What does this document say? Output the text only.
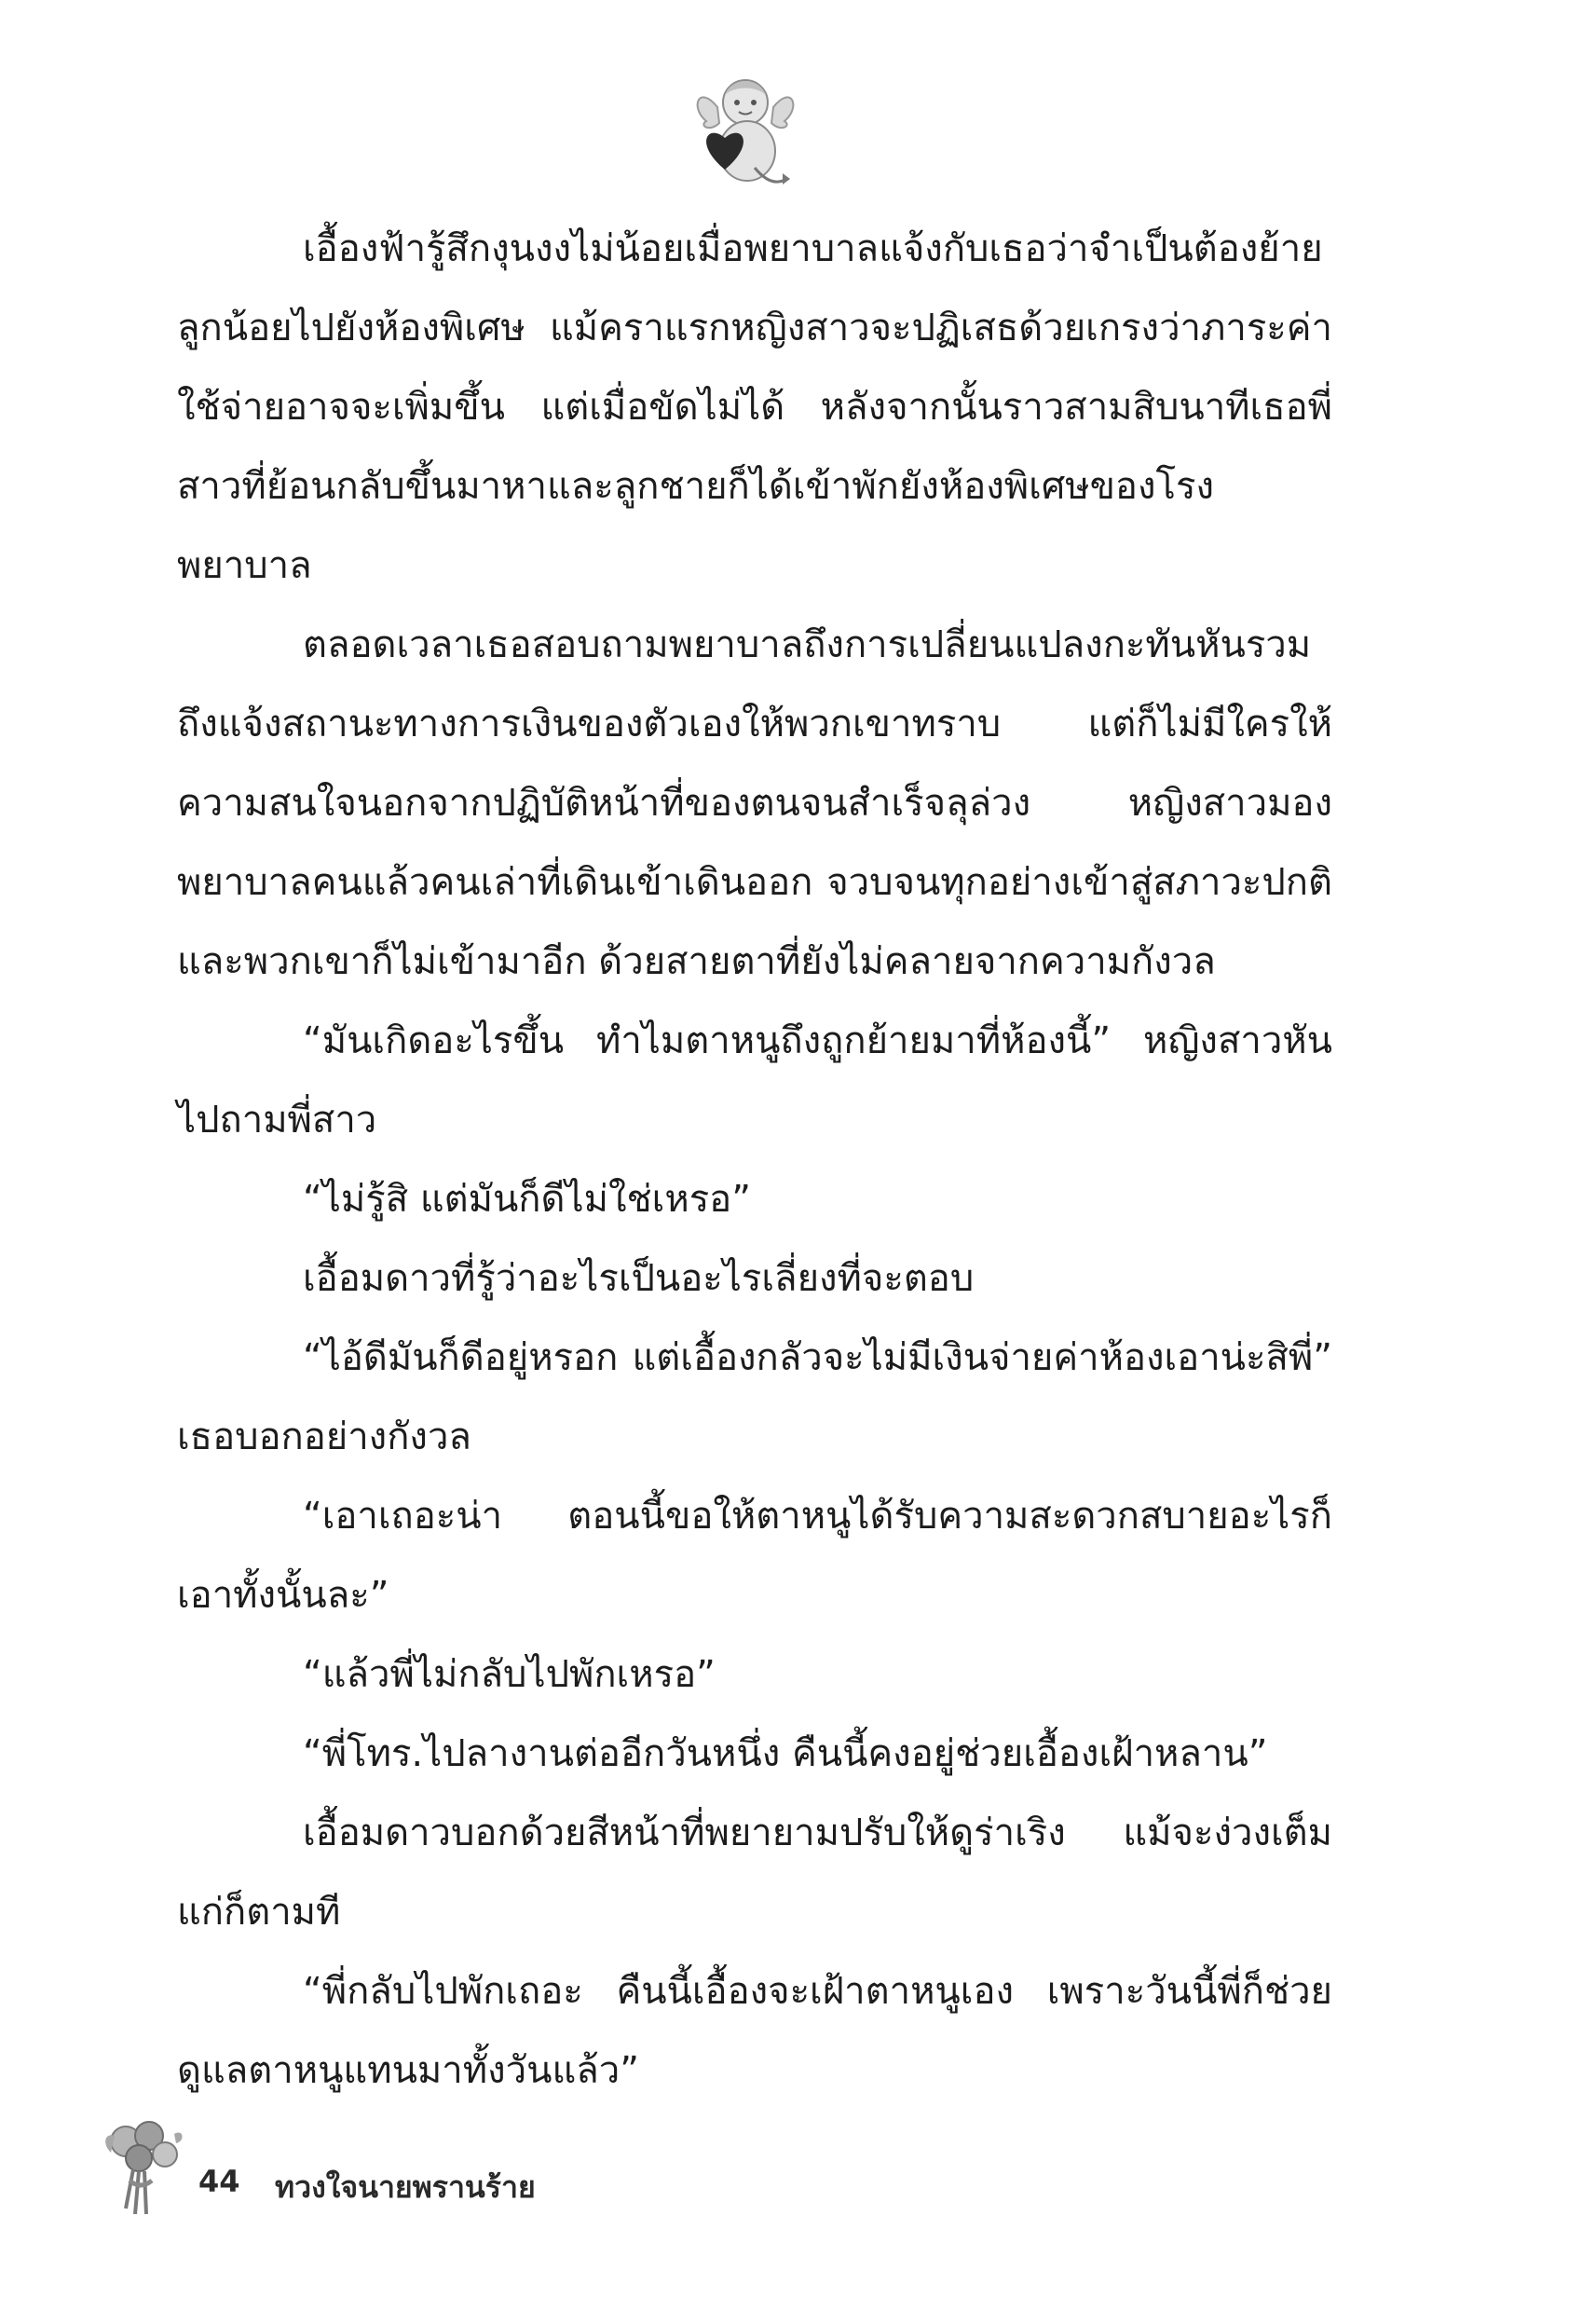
เอื้องฟ้ารู้สึกงุนงงไม่น้อยเมื่อพยาบาลแจ้งกับเธอว่าจำเป็นต้องย้ายลูกน้อยไปยังห้องพิเศษ แม้คราแรกหญิงสาวจะปฏิเสธด้วยเกรงว่าภาระค่าใช้จ่ายอาจจะเพิ่มขึ้น แต่เมื่อขัดไม่ได้ หลังจากนั้นราวสามสิบนาทีเธอพี่สาวที่ย้อนกลับขึ้นมาหาและลูกชายก็ได้เข้าพักยังห้องพิเศษของโรงพยาบาล

ตลอดเวลาเธอสอบถามพยาบาลถึงการเปลี่ยนแปลงกะทันหันรวมถึงแจ้งสถานะทางการเงินของตัวเองให้พวกเขาทราบ แต่ก็ไม่มีใครให้ความสนใจนอกจากปฏิบัติหน้าที่ของตนจนสำเร็จลุล่วง หญิงสาวมองพยาบาลคนแล้วคนเล่าที่เดินเข้าเดินออก จวบจนทุกอย่างเข้าสู่สภาวะปกติและพวกเขาก็ไม่เข้ามาอีก ด้วยสายตาที่ยังไม่คลายจากความกังวล

“มันเกิดอะไรขึ้น ทำไมตาหนูถึงถูกย้ายมาที่ห้องนี้” หญิงสาวหันไปถามพี่สาว

“ไม่รู้สิ แต่มันก็ดีไม่ใช่เหรอ”

เอื้อมดาวที่รู้ว่าอะไรเป็นอะไรเลี่ยงที่จะตอบ

“ไอ้ดีมันก็ดีอยู่หรอก แต่เอื้องกลัวจะไม่มีเงินจ่ายค่าห้องเอาน่ะสิพี่” เธอบอกอย่างกังวล

“เอาเถอะน่า ตอนนี้ขอให้ตาหนูได้รับความสะดวกสบายอะไรก็เอาทั้งนั้นละ”

“แล้วพี่ไม่กลับไปพักเหรอ”

“พี่โทร.ไปลางานต่ออีกวันหนึ่ง คืนนี้คงอยู่ช่วยเอื้องเฝ้าหลาน”

เอื้อมดาวบอกด้วยสีหน้าที่พยายามปรับให้ดูร่าเริง แม้จะง่วงเต็มแก่ก็ตามที

“พี่กลับไปพักเถอะ คืนนี้เอื้องจะเฝ้าตาหนูเอง เพราะวันนี้พี่ก็ช่วยดูแลตาหนูแทนมาทั้งวันแล้ว”

44 ทวงใจนายพรานร้าย
